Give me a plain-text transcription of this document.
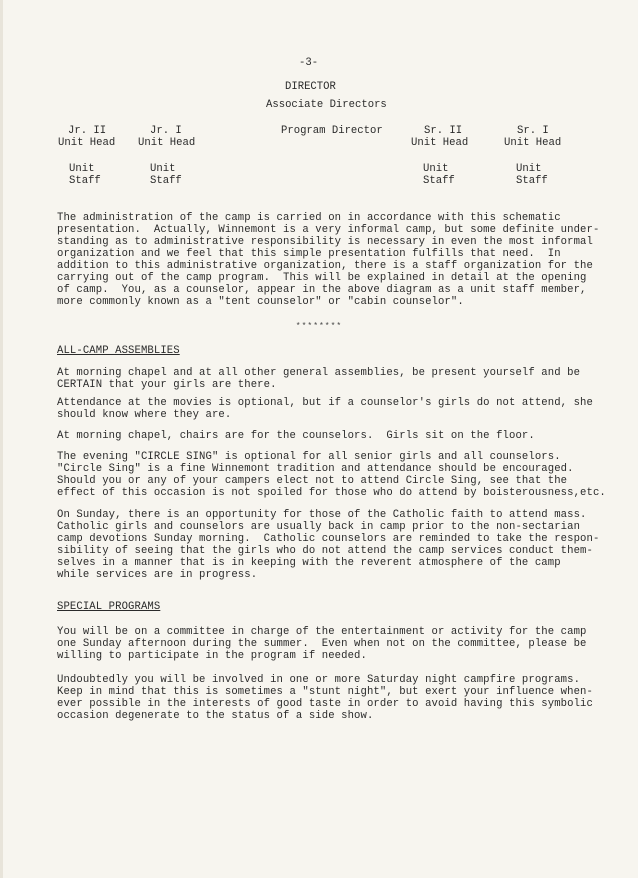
-3-
DIRECTOR
Associate Directors
Jr. II
Unit Head
Jr. I
Unit Head
Program Director	Sr. II
Unit Head
Sr. I
Unit Head
Unit
Staff
Unit
Staff
Unit
Staff
Unit
Staff
The administration of the camp is carried on in accordance with this schematic
presentation.  Actually, Winnemont is a very informal camp, but some definite under-
standing as to administrative responsibility is necessary in even the most informal
organization and we feel that this simple presentation fulfills that need.  In
addition to this administrative organization, there is a staff organization for the
carrying out of the camp program.  This will be explained in detail at the opening
of camp.  You, as a counselor, appear in the above diagram as a unit staff member,
more commonly known as a "tent counselor" or "cabin counselor".
********
ALL-CAMP ASSEMBLIES
At morning chapel and at all other general assemblies, be present yourself and be
CERTAIN that your girls are there.
Attendance at the movies is optional, but if a counselor's girls do not attend, she
should know where they are.
At morning chapel, chairs are for the counselors.  Girls sit on the floor.
The evening "CIRCLE SING" is optional for all senior girls and all counselors.
"Circle Sing" is a fine Winnemont tradition and attendance should be encouraged.
Should you or any of your campers elect not to attend Circle Sing, see that the
effect of this occasion is not spoiled for those who do attend by boisterousness,etc.
On Sunday, there is an opportunity for those of the Catholic faith to attend mass.
Catholic girls and counselors are usually back in camp prior to the non-sectarian
camp devotions Sunday morning.  Catholic counselors are reminded to take the respon-
sibility of seeing that the girls who do not attend the camp services conduct them-
selves in a manner that is in keeping with the reverent atmosphere of the camp
while services are in progress.
SPECIAL PROGRAMS
You will be on a committee in charge of the entertainment or activity for the camp
one Sunday afternoon during the summer.  Even when not on the committee, please be
willing to participate in the program if needed.
Undoubtedly you will be involved in one or more Saturday night campfire programs.
Keep in mind that this is sometimes a "stunt night", but exert your influence when-
ever possible in the interests of good taste in order to avoid having this symbolic
occasion degenerate to the status of a side show.
